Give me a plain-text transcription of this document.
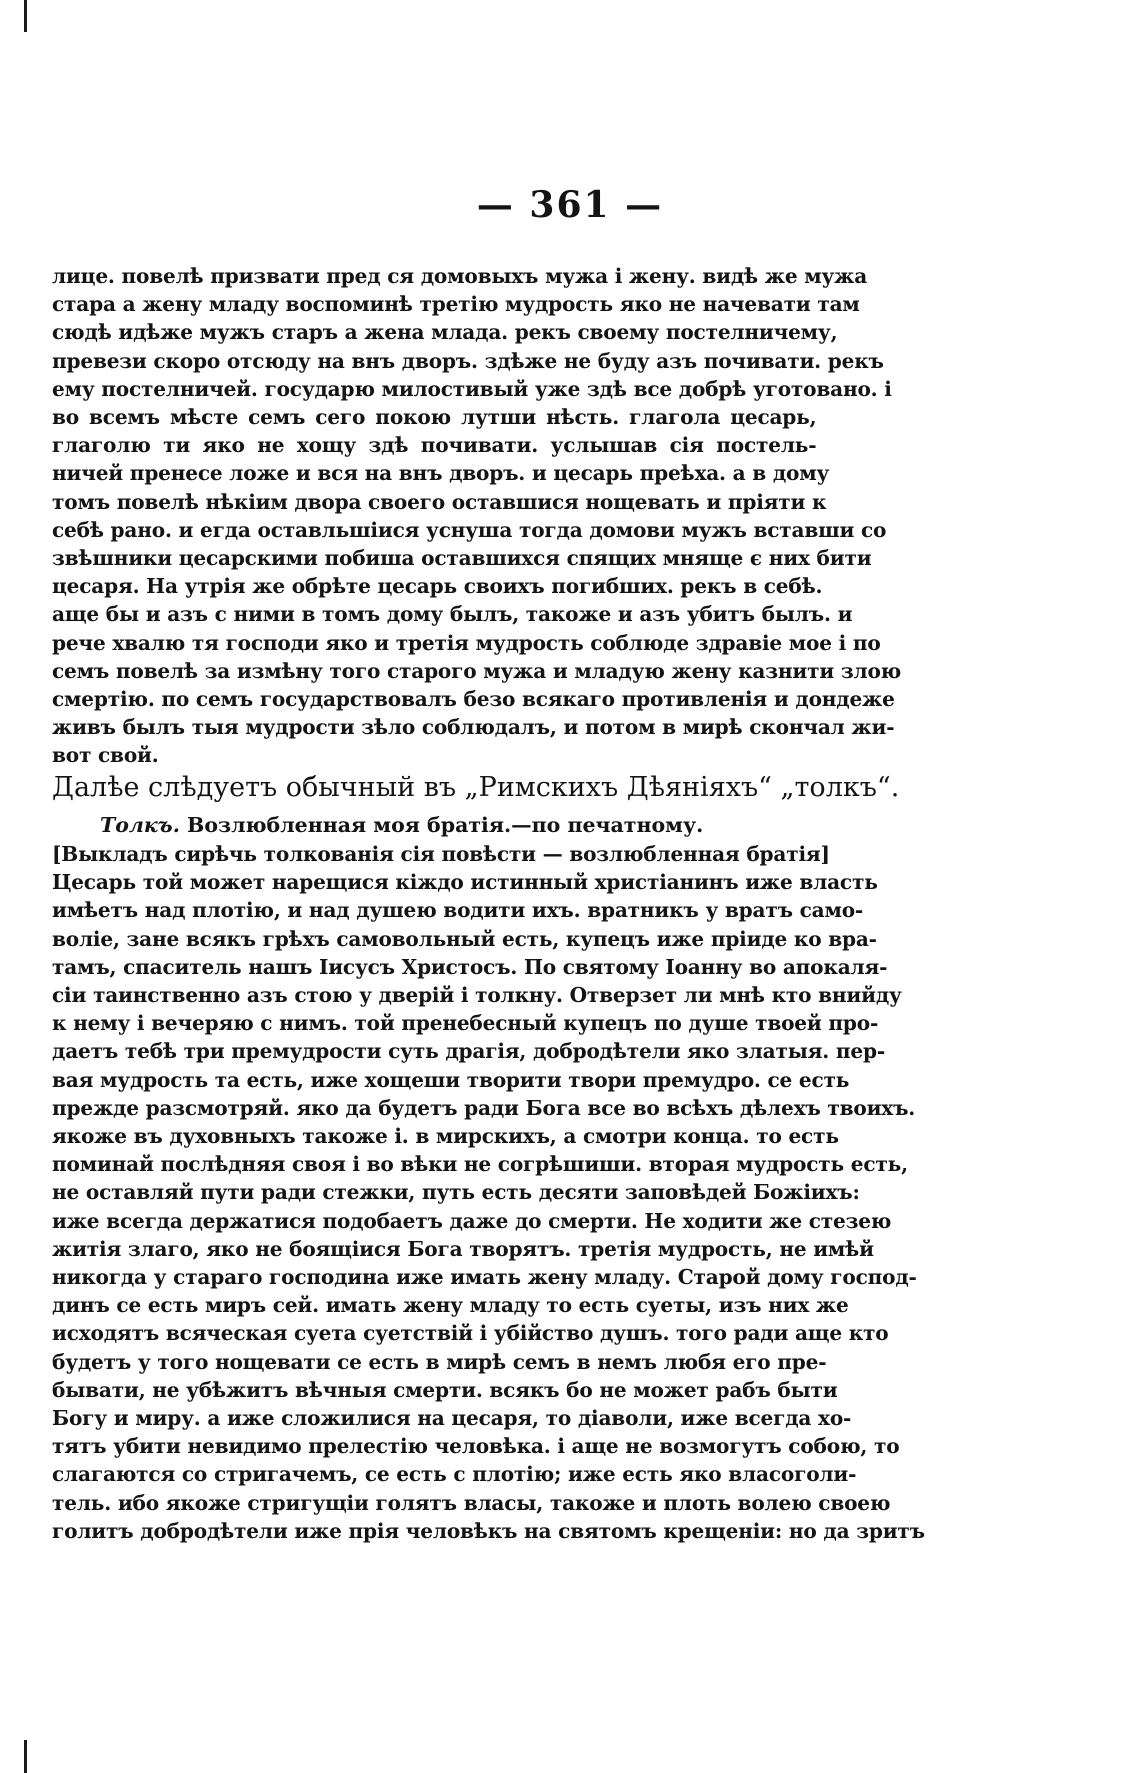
— 361 —
лице. повелѣ призвати пред ся домовыхъ мужа і жену. видѣ же мужа
стара а жену младу воспоминѣ третію мудрость яко не начевати там
сюдѣ идѣже мужъ старъ а жена млада. рекъ своему постелничему,
превези скоро отсюду на внъ дворъ. здѣже не буду азъ почивати. рекъ
ему постелничей. государю милостивый уже здѣ все добрѣ уготовано. і
во всемъ мѣсте семъ сего покою лутши нѣсть. глагола цесарь,
глаголю ти яко не хощу здѣ почивати. услышав сія постель-
ничей пренесе ложе и вся на внъ дворъ. и цесарь преѣха. а в дому
томъ повелѣ нѣкіим двора своего оставшися нощевать и пріяти к
себѣ рано. и егда оставльшіися уснуша тогда домови мужъ вставши со
звѣшники цесарскими побиша оставшихся спящих мняще є них бити
цесаря. На утрія же обрѣте цесарь своихъ погибших. рекъ в себѣ.
аще бы и азъ с ними в томъ дому былъ, такоже и азъ убитъ былъ. и
рече хвалю тя господи яко и третія мудрость соблюде здравіе мое і по
семъ повелѣ за измѣну того старого мужа и младую жену казнити злою
смертію. по семъ государствовалъ безо всякаго противленія и дондеже
живъ былъ тыя мудрости зѣло соблюдалъ, и потом в мирѣ скончал жи-
вот свой.
Далѣе слѣдуетъ обычный въ „Римскихъ Дѣяніяхъ“ „толкъ“.
Толкъ. Возлюбленная моя братія.—по печатному.
[Выкладъ сирѣчь толкованія сія повѣсти — возлюбленная братія]
Цесарь той может нарещися кіждо истинный христіанинъ иже власть
имѣетъ над плотію, и над душею водити ихъ. вратникъ у вратъ само-
воліе, зане всякъ грѣхъ самовольный есть, купецъ иже пріиде ко вра-
тамъ, спаситель нашъ Іисусъ Христосъ. По святому Іоанну во апокаля-
сіи таинственно азъ стою у дверій і толкну. Отверзет ли мнѣ кто внийду
к нему і вечеряю с нимъ. той пренебесный купецъ по душе твоей про-
даетъ тебѣ три премудрости суть драгія, добродѣтели яко златыя. пер-
вая мудрость та есть, иже хощеши творити твори премудро. се есть
прежде разсмотряй. яко да будетъ ради Бога все во всѣхъ дѣлехъ твоихъ.
якоже въ духовныхъ такоже і. в мирскихъ, а смотри конца. то есть
поминай послѣдняя своя і во вѣки не согрѣшиши. вторая мудрость есть,
не оставляй пути ради стежки, путь есть десяти заповѣдей Божіихъ:
иже всегда держатися подобаетъ даже до смерти. Не ходити же стезею
житія злаго, яко не боящіися Бога творятъ. третія мудрость, не имѣй
никогда у стараго господина иже имать жену младу. Старой дому господ-
динъ се есть миръ сей. имать жену младу то есть суеты, изъ них же
исходятъ всяческая суета суетствій і убійство душъ. того ради аще кто
будетъ у того нощевати се есть в мирѣ семъ в немъ любя его пре-
бывати, не убѣжитъ вѣчныя смерти. всякъ бо не может рабъ быти
Богу и миру. а иже сложилися на цесаря, то діаволи, иже всегда хо-
тятъ убити невидимо прелестію человѣка. і аще не возмогутъ собою, то
слагаются со стригачемъ, се есть с плотію; иже есть яко власоголи-
тель. ибо якоже стригущіи голятъ власы, такоже и плоть волею своею
голитъ добродѣтели иже прія человѣкъ на святомъ крещеніи: но да зритъ
